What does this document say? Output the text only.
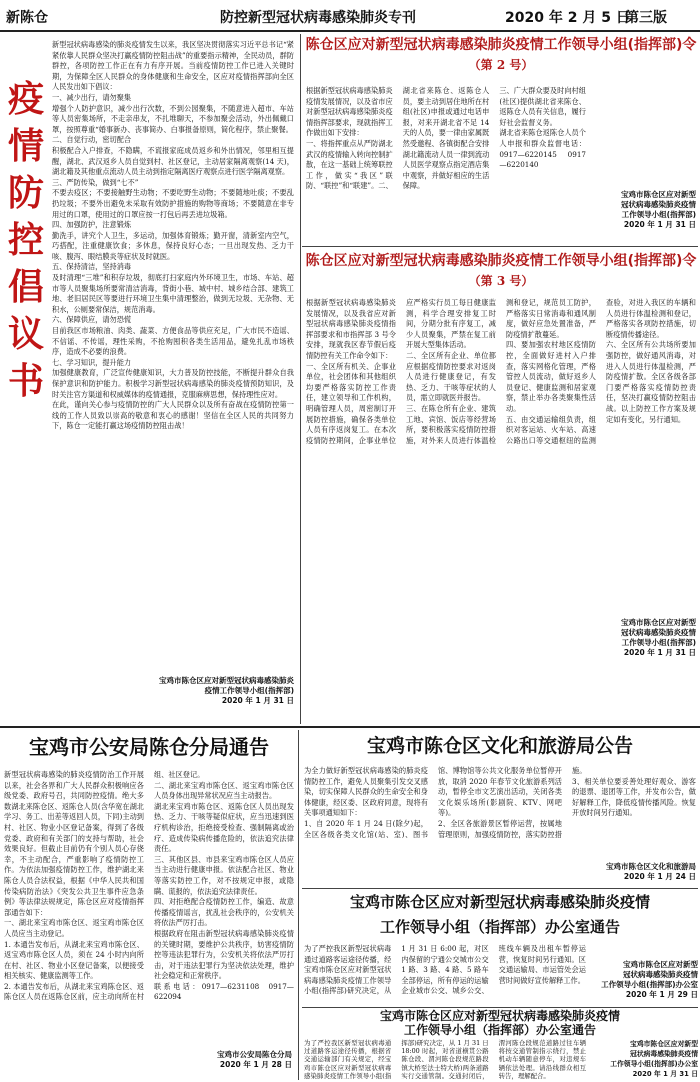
新陈仓	防控新型冠状病毒感染肺炎专刊	2020 年 2 月 5 日
第三版
疫
情
防
控
倡
议
书

新型冠状病毒感染的肺炎疫情发生以来，我区坚决贯彻落实习近平总书记“紧紧依靠人民群众坚决打赢疫情防控阻击战”的重要指示精神，全民动员，群防群控，各项防控工作正在有力有序开展。当前疫情防控工作已进入关键时期，为保障全区人民群众的身体健康和生命安全，区应对疫情指挥部向全区人民发出如下倡议：
一、减少出行，请勿聚集
增强个人防护意识，减少出行次数，不到公园聚集，不随意进入超市、车站等人员密集场所，不走亲串友，不扎堆聊天，不参加聚会活动，外出佩戴口罩，按照尊重“婚事新办、丧事简办、白事报备原则，简化程序，禁止聚餐。
二、自觉行动，密切配合
积极配合入户排查，不隐瞒，不谎报家庭成员返乡和外出情况，邻里相互提醒，湖北、武汉返乡人员自觉到村、社区登记，主动居家隔离观察(14 天)，湖北籍及其他重点流动人员主动到指定隔离医疗观察点进行医学隔离观察。
三、严防传染，做到“七不”
不要去疫区；不要接触野生动物；不要吃野生动物；不要随地吐痰；不要乱扔垃圾；不要外出避免未采取有效防护措施的购物等商场；不要随意在非专用过的口罩，使用过的口罩应按一打包后再丢进垃圾箱。
四、加强防护，注意锻炼
勤洗手，讲究个人卫生，多运动，加强体育锻炼；勤开窗，清新室内空气，巧搭配，注重健康饮食；多休息，保持良好心态；一旦出现发热、乏力干咳、腹泻、眼结膜炎等症状及时就医。
五、保持清洁，坚持消毒
及时清理“三堆”和积存垃圾，彻底打扫家庭内外环境卫生，市场、车站、超市等人员聚集场所要常清洁消毒，背街小巷、城中村、城乡结合部、建筑工地、老旧居民区等要进行环境卫生集中清理整治，做到无垃圾、无杂物、无积水，公厕要常保洁，规范消毒。
六、保障供应，请勿恐慌
目前我区市场粮油、肉类、蔬菜、方便食品等供应充足，广大市民不造谣、不信谣、不传谣，理性采购，不抢购囤积各类生活用品，避免扎乱市场秩序，造成不必要的浪费。
七、学习知识，提升能力
加强健康教育，广泛宣传健康知识，大力普及防控技能，不断提升群众自我保护意识和防护能力。积极学习新型冠状病毒感染的肺炎疫情预防知识，及时关注官方渠道和权威媒体的疫情通报，克服麻痹思想，保持理性应对。
在此，谨向关心参与疫情防控的广大人民群众以及所有奋战在疫情防控第一线的工作人员致以崇高的敬意和衷心的感谢！坚信在全区人民的共同努力下，陈仓一定能打赢这场疫情防控阻击战！

宝鸡市陈仓区应对新型冠状病毒感染肺炎
疫情工作领导小组(指挥部)
2020 年 1 月 31 日
陈仓区应对新型冠状病毒感染肺炎疫情工作领导小组(指挥部)令
（第 2 号）

根据新型冠状病毒感染肺炎疫情发展情况，以及省市应对新型冠状病毒感染肺炎疫情指挥部要求，现就指挥工作做出如下安排：
一、将指挥重点从严防湖北武汉的疫情输入转向控制扩散，在这一基础上统筹联控工作，做实“我区”联防、“联控”和“联建”。二、湖北省来陈仓、返陈仓人员，要主动到居住地所在村组(社区)申报或通过电话申报，对来开湖北省不足 14 天的人员，要一律由家属既然受邀程、各镇街配合安排湖北籍流动人员一律到流动人员医学观察点指定酒店集中观察，并做好相应的生活保障。
三、广大群众要及时向村组(社区)提供湖北省来陈仓、返陈仓人员有关信息，履行好社会监督义务。
湖北省来陈仓返陈仓人员个人申报和群众监督电话：0917—6220145  0917—6220140

宝鸡市陈仓区应对新型
冠状病毒感染肺炎疫情
工作领导小组(指挥部)
2020 年 1 月 31 日
陈仓区应对新型冠状病毒感染肺炎疫情工作领导小组(指挥部)令
（第 3 号）

根据新型冠状病毒感染肺炎发展情况，以及我省应对新型冠状病毒感染肺炎疫情指挥部要求和市指挥部 3 号令安排，现就我区春节假后疫情防控有关工作命令如下：
一、全区所有机关、企事业单位，社会团体和其他组织均要严格落实防控工作责任，建立领导和工作机构，明确管理人员，周密制订开展防控措施，确保各类单位人员有序返岗复工。在本次疫情防控期间，企事业单位应严格实行员工每日健康监测，科学合理安排复工时间，分期分批有序复工，减少人员聚集，严禁在复工前开展大型集体活动。
二、全区所有企业、单位都应根据疫情防控要求对返岗人员进行健康登记，有发热、乏力、干咳等症状的人员，需立即就医并报告。
三、在陈仓所有企业、建筑工地、宾馆、饭店等经营场所，要积极落实疫情防控措施，对外来人员进行体温检测和登记，规范员工防护，严格落实日常消毒和通风制度，做好应急处置准备，严防疫情扩散蔓延。
四、要加强农村地区疫情防控，全面做好进村入户排查，落实网格化管理，严格管控人员流动，做好返乡人员登记、健康监测和居家观察，禁止举办各类聚集性活动。
五、由交通运输组负责，组织对客运站、火车站、高速公路出口等交通枢纽的监测查验，对进入我区的车辆和人员进行体温检测和登记，严格落实各项防控措施，切断疫情传播途径。
六、全区所有公共场所要加强防控，做好通风消毒，对进入人员进行体温检测，严防疫情扩散。全区各级各部门要严格落实疫情防控责任，坚决打赢疫情防控阻击战。以上防控工作方案及规定如有变化，另行通知。

宝鸡市陈仓区应对新型
冠状病毒感染肺炎疫情
工作领导小组(指挥部)
2020 年 1 月 31 日
宝鸡市公安局陈仓分局通告

新型冠状病毒感染的肺炎疫情防治工作开展以来，社会各界和广大人民群众积极响应各级党委、政府号召，共同防控疫情。绝大多数湖北来陈仓区、返陈仓人员(含华宽在湖北学习、务工、出差等返回人员，下同)主动到村、社区、物业小区登记备案，得到了各级党委、政府和有关部门的支持与帮助，社会效果良好。但截止目前仍有个别人员心存侥幸，不主动配合，严重影响了疫情防控工作。为依法加强疫情防控工作，维护湖北来陈仓人员合法权益，根据《中华人民共和国传染病防治法》《突发公共卫生事件应急条例》等法律法规规定，陈仓区应对疫情指挥部通告如下：
一、湖北来宝鸡市陈仓区、返宝鸡市陈仓区人员应当主动登记。
1. 本通告发布后，从湖北来宝鸡市陈仓区、返宝鸡市陈仓区人员，须在 24 小时内向所在村、社区、物业小区登记备案，以便接受相关核实、健康监测等工作。
2. 本通告发布后，从湖北来宝鸡陈仓区、返陈仓区人员在返陈仓区前，应主动向所在村组、社区登记。
二、湖北来宝鸡市陈仓区、返宝鸡市陈仓区人员身体出现异常状况应当主动报告。
湖北来宝鸡市陈仓区、返陈仓区人员出现发热、乏力、干咳等疑似症状，应当迅速到医疗机构诊治，拒绝接受检查、强制隔离或治疗、造成传染病传播危险的，依法追究法律责任。
三、其他区县、市县来宝鸡市陈仓区人员应当主动进行健康申报。依法配合社区、物业等落实防控工作，对不按规定申报，或隐瞒、谎报的，依法追究法律责任。
四、对拒绝配合疫情防控工作，编造、故意传播疫情谣言，扰乱社会秩序的，公安机关将依法严厉打击。
根据政府在阻击新型冠状病毒感染肺炎疫情的关键时期，要维护公共秩序，妨害疫情防控等违法犯罪行为，公安机关将依法严厉打击，对于违法犯罪行为坚决依法处理，维护社会稳定和正常秩序。
联系电话：0917—6231108  0917—622094

宝鸡市公安局陈仓分局
2020 年 1 月 28 日
宝鸡市陈仓区文化和旅游局公告

为全力做好新型冠状病毒感染的肺炎疫情防控工作，避免人员聚集引发交叉感染，切实保障人民群众的生命安全和身体健康，经区委、区政府同意，现将有关事项通知如下：
1、自 2020 年 1 月 24 日(除夕)起，全区各级各类文化馆(站、室)、图书馆、博物馆等公共文化服务单位暂停开放，取消 2020 年春节文化旅游系列活动，暂停全市文艺演出活动，关闭各类文化娱乐场所(影剧院、KTV、网吧等)。
2、全区各旅游景区暂停运营，按属地管理原则，加强疫情防控，落实防控措施。
3、相关单位要妥善处理好观众、游客的退票、退团等工作，并发布公告，做好解释工作，降低疫情传播风险。恢复开放时间另行通知。

宝鸡市陈仓区文化和旅游局
2020 年 1 月 24 日
宝鸡市陈仓区应对新型冠状病毒感染肺炎疫情
工作领导小组（指挥部）办公室通告

为了严控我区新型冠状病毒通过道路客运途径传播，经宝鸡市陈仓区应对新型冠状病毒感染肺炎疫情工作领导小组(指挥部)研究决定，从 1 月 31 日 6:00 起，对区内保留的宁通公交城市公交1 路、3 路、4 路、5 路车全部停运，所有停运的运输企业城市公交、城乡公交、班线车辆及出租车暂停运营，恢复时间另行通知。区交通运输局、市运管处会运营时间做好宣传解释工作。

宝鸡市陈仓区应对新型
冠状病毒感染肺炎疫情
工作领导小组(指挥部)办公室
2020 年 1 月 29 日
宝鸡市陈仓区应对新型冠状病毒感染肺炎疫情
工作领导小组（指挥部）办公室通告

为了严控我区新型冠状病毒通过道路客运途径传播，根据省交通运输部门有关规定，经宝鸡市陈仓区应对新型冠状病毒感染肺炎疫情工作领导小组(指挥部)研究决定，从 1 月 31 日 18:00 时起，对省道横贯公路陈仓段、渭河陈仓段规范路段镇大桥至法士特大桥)两条道路实行交通管制。交通封闭后，渭河陈仓段规范道路过往车辆将按交通管制指示绕行，禁止机动车辆随意停车，对违规车辆依法处理。请沿线群众相互转告，理解配合。

宝鸡市陈仓区应对新型
冠状病毒感染肺炎疫情
工作领导小组(指挥部)办公室
2020 年 1 月 31 日
